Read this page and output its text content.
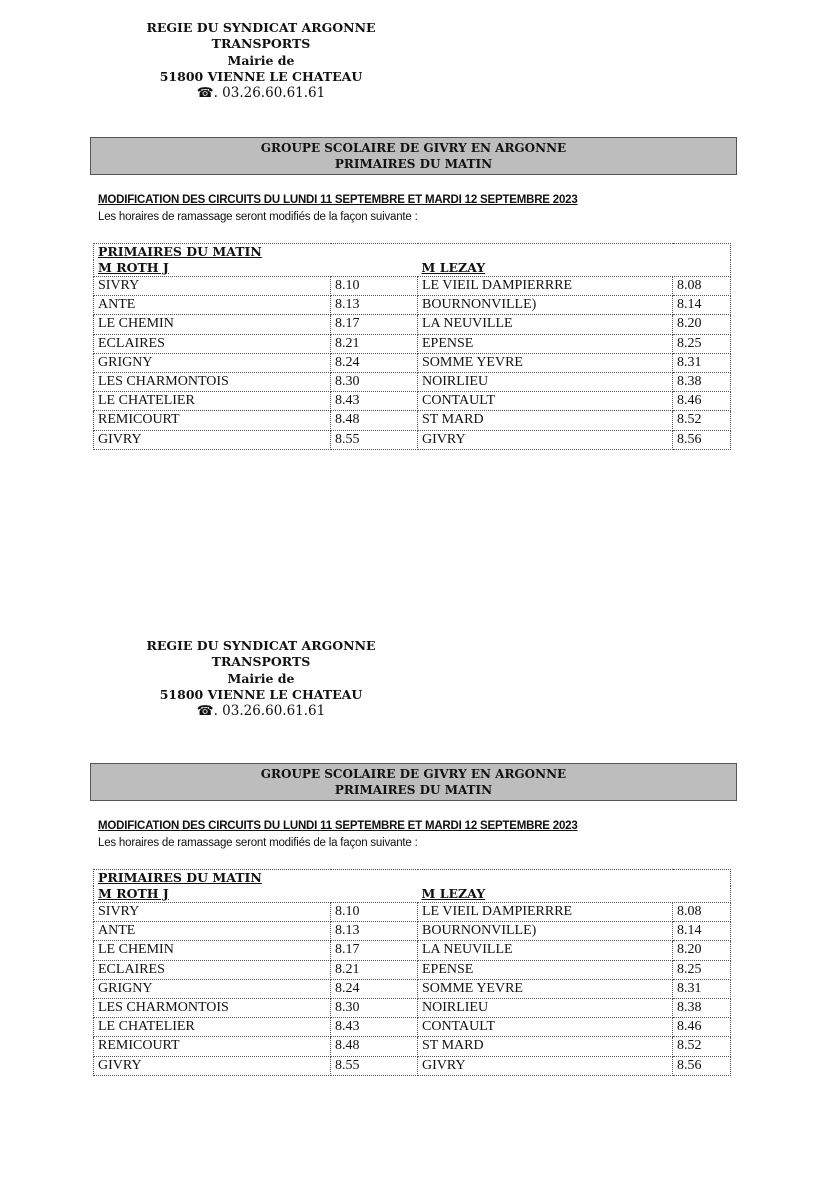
REGIE DU SYNDICAT ARGONNE
TRANSPORTS
Mairie de
51800 VIENNE LE CHATEAU
☎. 03.26.60.61.61
GROUPE SCOLAIRE DE GIVRY EN ARGONNE
PRIMAIRES DU MATIN
MODIFICATION DES CIRCUITS DU LUNDI 11 SEPTEMBRE ET MARDI 12 SEPTEMBRE 2023
Les horaires de ramassage seront modifiés de la façon suivante :
PRIMAIRES DU MATIN			
M ROTH J		M LEZAY	
SIVRY	8.10	LE VIEIL DAMPIERRRE	8.08
ANTE	8.13	BOURNONVILLE)	8.14
LE CHEMIN	8.17	LA NEUVILLE	8.20
ECLAIRES	8.21	EPENSE	8.25
GRIGNY	8.24	SOMME YEVRE	8.31
LES CHARMONTOIS	8.30	NOIRLIEU	8.38
LE CHATELIER	8.43	CONTAULT	8.46
REMICOURT	8.48	ST MARD	8.52
GIVRY	8.55	GIVRY	8.56
REGIE DU SYNDICAT ARGONNE
TRANSPORTS
Mairie de
51800 VIENNE LE CHATEAU
☎. 03.26.60.61.61
GROUPE SCOLAIRE DE GIVRY EN ARGONNE
PRIMAIRES DU MATIN
MODIFICATION DES CIRCUITS DU LUNDI 11 SEPTEMBRE ET MARDI 12 SEPTEMBRE 2023
Les horaires de ramassage seront modifiés de la façon suivante :
PRIMAIRES DU MATIN			
M ROTH J		M LEZAY	
SIVRY	8.10	LE VIEIL DAMPIERRRE	8.08
ANTE	8.13	BOURNONVILLE)	8.14
LE CHEMIN	8.17	LA NEUVILLE	8.20
ECLAIRES	8.21	EPENSE	8.25
GRIGNY	8.24	SOMME YEVRE	8.31
LES CHARMONTOIS	8.30	NOIRLIEU	8.38
LE CHATELIER	8.43	CONTAULT	8.46
REMICOURT	8.48	ST MARD	8.52
GIVRY	8.55	GIVRY	8.56
